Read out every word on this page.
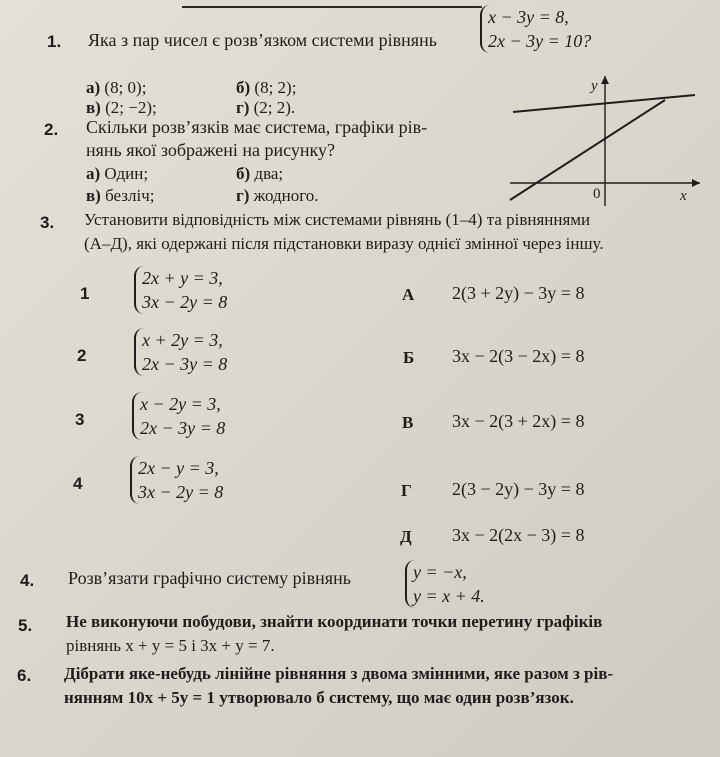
1. Яка з пар чисел є розв’язком системи рівнянь
x − 3y = 8,
2x − 3y = 10?
а) (8; 0);	б) (8; 2);
в) (2; −2);	г) (2; 2).
2. Скільки розв’язків має система, графіки рів-
нянь якої зображені на рисунку?
а) Один;	б) два;
в) безліч;	г) жодного.
y
x
0
3. Установити відповідність між системами рівнянь (1–4) та рівняннями
(А–Д), які одержані після підстановки виразу однієї змінної через іншу.
1
2x + y = 3,
3x − 2y = 8
2
x + 2y = 3,
2x − 3y = 8
3
x − 2y = 3,
2x − 3y = 8
4
2x − y = 3,
3x − 2y = 8
А 2(3 + 2y) − 3y = 8
Б 3x − 2(3 − 2x) = 8
В 3x − 2(3 + 2x) = 8
Г 2(3 − 2y) − 3y = 8
Д 3x − 2(2x − 3) = 8
4. Розв’язати графічно систему рівнянь	y = −x,
y = x + 4.
5. Не виконуючи побудови, знайти координати точки перетину графіків
рівнянь x + y = 5 і 3x + y = 7.
6. Дібрати яке-небудь лінійне рівняння з двома змінними, яке разом з рів-
нянням 10x + 5y = 1 утворювало б систему, що має один розв’язок.
